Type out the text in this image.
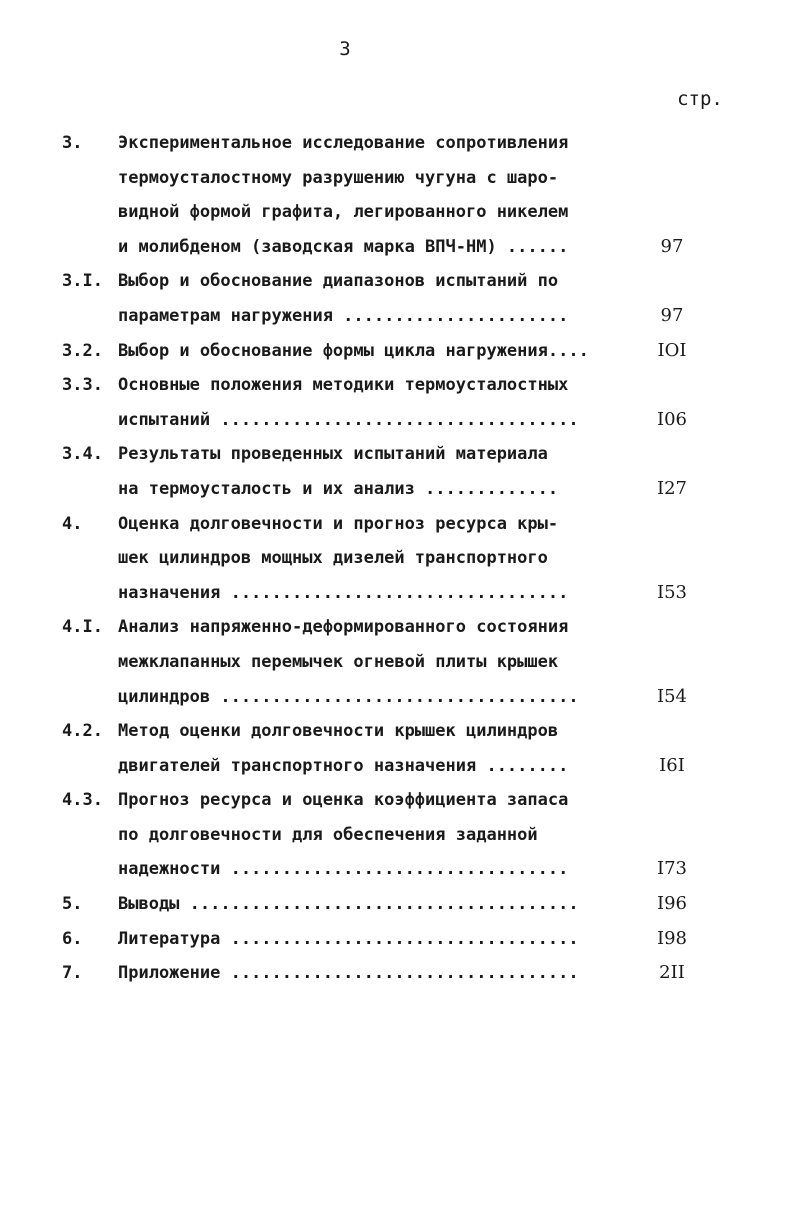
3
стр.
3.	Экспериментальное исследование сопротивления
термоусталостному разрушению чугуна с шаро-
видной формой графита, легированного никелем
и молибденом (заводская марка ВПЧ-НМ) ......	97
3.I. Выбор и обоснование диапазонов испытаний по
параметрам нагружения ......................	97
3.2. Выбор и обоснование формы цикла нагружения....	IOI
3.3. Основные положения методики термоусталостных
испытаний ...................................	I06
3.4. Результаты проведенных испытаний материала
на термоусталость и их анализ .............	I27
4.	Оценка долговечности и прогноз ресурса кры-
шек цилиндров мощных дизелей транспортного
назначения .................................	I53
4.I. Анализ напряженно-деформированного состояния
межклапанных перемычек огневой плиты крышек
цилиндров ...................................	I54
4.2. Метод оценки долговечности крышек цилиндров
двигателей транспортного назначения ........	I6I
4.3. Прогноз ресурса и оценка коэффициента запаса
по долговечности для обеспечения заданной
надежности .................................	I73
5.	Выводы ......................................	I96
6.	Литература ..................................	I98
7.	Приложение ..................................	2II
